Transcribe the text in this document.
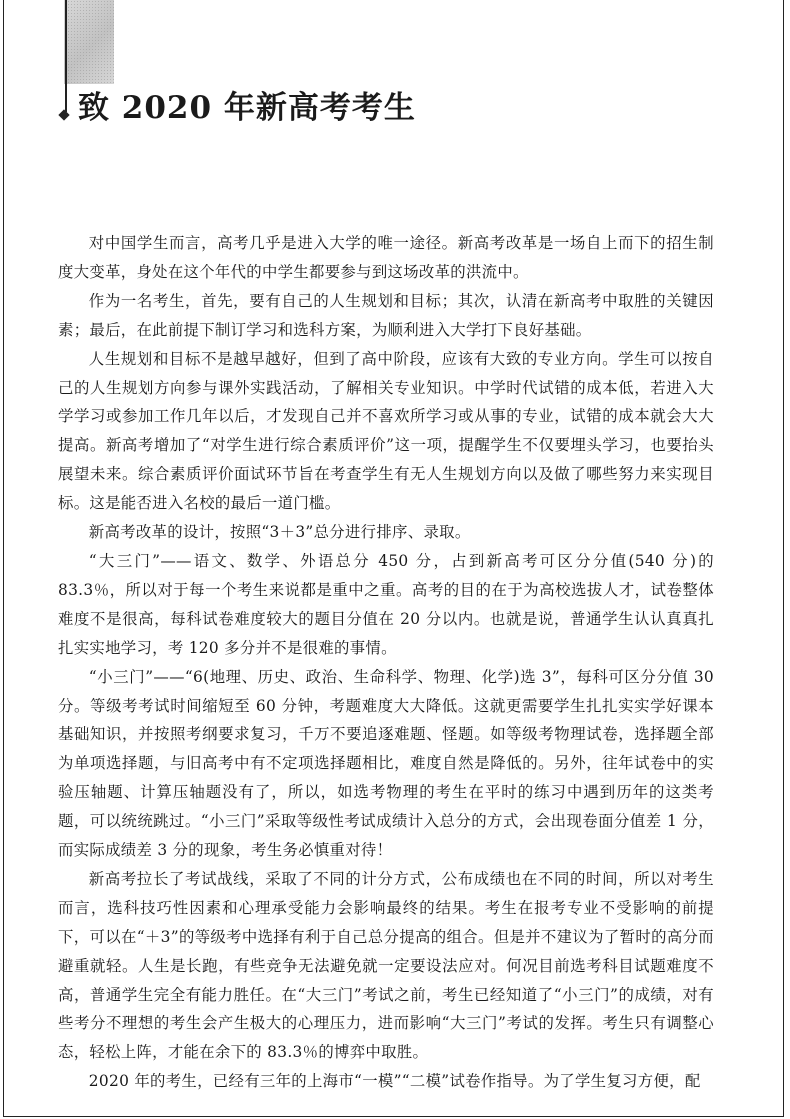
致 2020 年新高考考生

对中国学生而言，高考几乎是进入大学的唯一途径。新高考改革是一场自上而下的招生制度大变革，身处在这个年代的中学生都要参与到这场改革的洪流中。

作为一名考生，首先，要有自己的人生规划和目标；其次，认清在新高考中取胜的关键因素；最后，在此前提下制订学习和选科方案，为顺利进入大学打下良好基础。

人生规划和目标不是越早越好，但到了高中阶段，应该有大致的专业方向。学生可以按自己的人生规划方向参与课外实践活动，了解相关专业知识。中学时代试错的成本低，若进入大学学习或参加工作几年以后，才发现自己并不喜欢所学习或从事的专业，试错的成本就会大大提高。新高考增加了“对学生进行综合素质评价”这一项，提醒学生不仅要埋头学习，也要抬头展望未来。综合素质评价面试环节旨在考查学生有无人生规划方向以及做了哪些努力来实现目标。这是能否进入名校的最后一道门槛。

新高考改革的设计，按照“3＋3”总分进行排序、录取。

“大三门”——语文、数学、外语总分 450 分，占到新高考可区分分值(540 分)的 83.3％，所以对于每一个考生来说都是重中之重。高考的目的在于为高校选拔人才，试卷整体难度不是很高，每科试卷难度较大的题目分值在 20 分以内。也就是说，普通学生认认真真扎扎实实地学习，考 120 多分并不是很难的事情。

“小三门”——“6(地理、历史、政治、生命科学、物理、化学)选 3”，每科可区分分值 30 分。等级考考试时间缩短至 60 分钟，考题难度大大降低。这就更需要学生扎扎实实学好课本基础知识，并按照考纲要求复习，千万不要追逐难题、怪题。如等级考物理试卷，选择题全部为单项选择题，与旧高考中有不定项选择题相比，难度自然是降低的。另外，往年试卷中的实验压轴题、计算压轴题没有了，所以，如选考物理的考生在平时的练习中遇到历年的这类考题，可以统统跳过。“小三门”采取等级性考试成绩计入总分的方式，会出现卷面分值差 1 分，而实际成绩差 3 分的现象，考生务必慎重对待！

新高考拉长了考试战线，采取了不同的计分方式，公布成绩也在不同的时间，所以对考生而言，选科技巧性因素和心理承受能力会影响最终的结果。考生在报考专业不受影响的前提下，可以在“＋3”的等级考中选择有利于自己总分提高的组合。但是并不建议为了暂时的高分而避重就轻。人生是长跑，有些竞争无法避免就一定要设法应对。何况目前选考科目试题难度不高，普通学生完全有能力胜任。在“大三门”考试之前，考生已经知道了“小三门”的成绩，对有些考分不理想的考生会产生极大的心理压力，进而影响“大三门”考试的发挥。考生只有调整心态，轻松上阵，才能在余下的 83.3％的博弈中取胜。

2020 年的考生，已经有三年的上海市“一模”“二模”试卷作指导。为了学生复习方便，配
